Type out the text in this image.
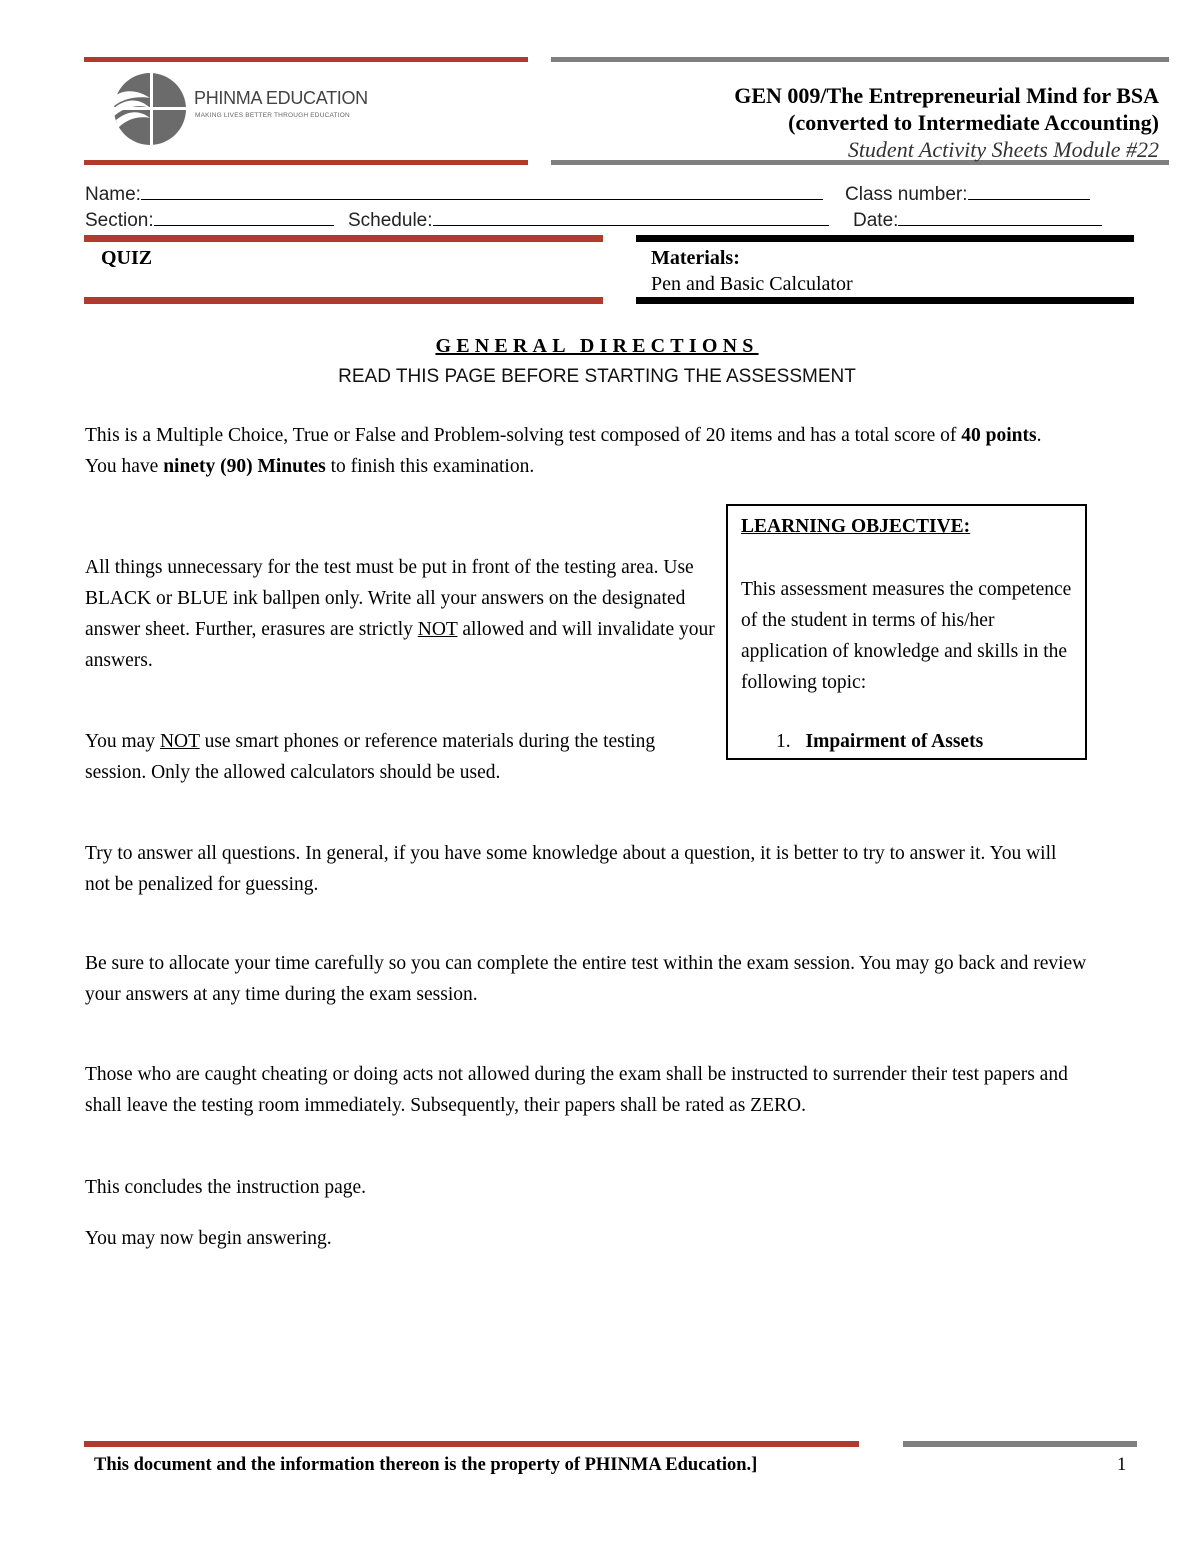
PHINMA EDUCATION
MAKING LIVES BETTER THROUGH EDUCATION
GEN 009/The Entrepreneurial Mind for BSA
(converted to Intermediate Accounting)
Student Activity Sheets Module #22
Name:	Class number:
Section:	Schedule:	Date:
QUIZ	Materials:
Pen and Basic Calculator
GENERAL DIRECTIONS
READ THIS PAGE BEFORE STARTING THE ASSESSMENT

This is a Multiple Choice, True or False and Problem-solving test composed of 20 items and has a total score of 40 points. You have ninety (90) Minutes to finish this examination.

All things unnecessary for the test must be put in front of the testing area. Use BLACK or BLUE ink ballpen only. Write all your answers on the designated answer sheet. Further, erasures are strictly NOT allowed and will invalidate your answers.

You may NOT use smart phones or reference materials during the testing session. Only the allowed calculators should be used.

LEARNING OBJECTIVE:
This assessment measures the competence of the student in terms of his/her application of knowledge and skills in the following topic:
1. Impairment of Assets
Try to answer all questions. In general, if you have some knowledge about a question, it is better to try to answer it. You will not be penalized for guessing.
Be sure to allocate your time carefully so you can complete the entire test within the exam session. You may go back and review your answers at any time during the exam session.
Those who are caught cheating or doing acts not allowed during the exam shall be instructed to surrender their test papers and shall leave the testing room immediately. Subsequently, their papers shall be rated as ZERO.
This concludes the instruction page.
You may now begin answering.
This document and the information thereon is the property of PHINMA Education.]	1
